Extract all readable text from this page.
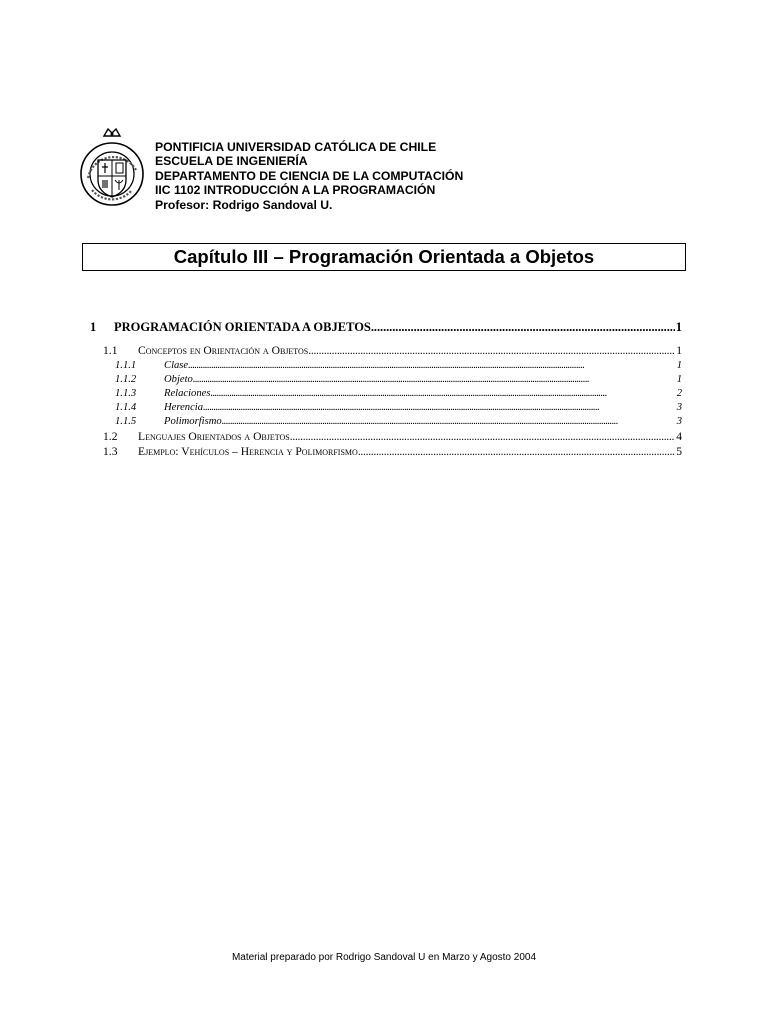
PONTIFICIA UNIVERSIDAD CATÓLICA DE CHILE
ESCUELA DE INGENIERÍA
DEPARTAMENTO DE CIENCIA DE LA COMPUTACIÓN
IIC 1102 INTRODUCCIÓN A LA PROGRAMACIÓN
Profesor: Rodrigo Sandoval U.
Capítulo III – Programación Orientada a Objetos
1	PROGRAMACIÓN ORIENTADA A OBJETOS . . .	1
1.1	Conceptos en Orientación a Objetos . . .	1
1.1.1	Clase . . .	1
1.1.2	Objeto . . .	1
1.1.3	Relaciones . . .	2
1.1.4	Herencia . . .	3
1.1.5	Polimorfismo . . .	3
1.2	Lenguajes Orientados a Objetos . . .	4
1.3	Ejemplo: Vehículos – Herencia y Polimorfismo . . .	5
Material preparado por Rodrigo Sandoval U en Marzo y Agosto 2004
